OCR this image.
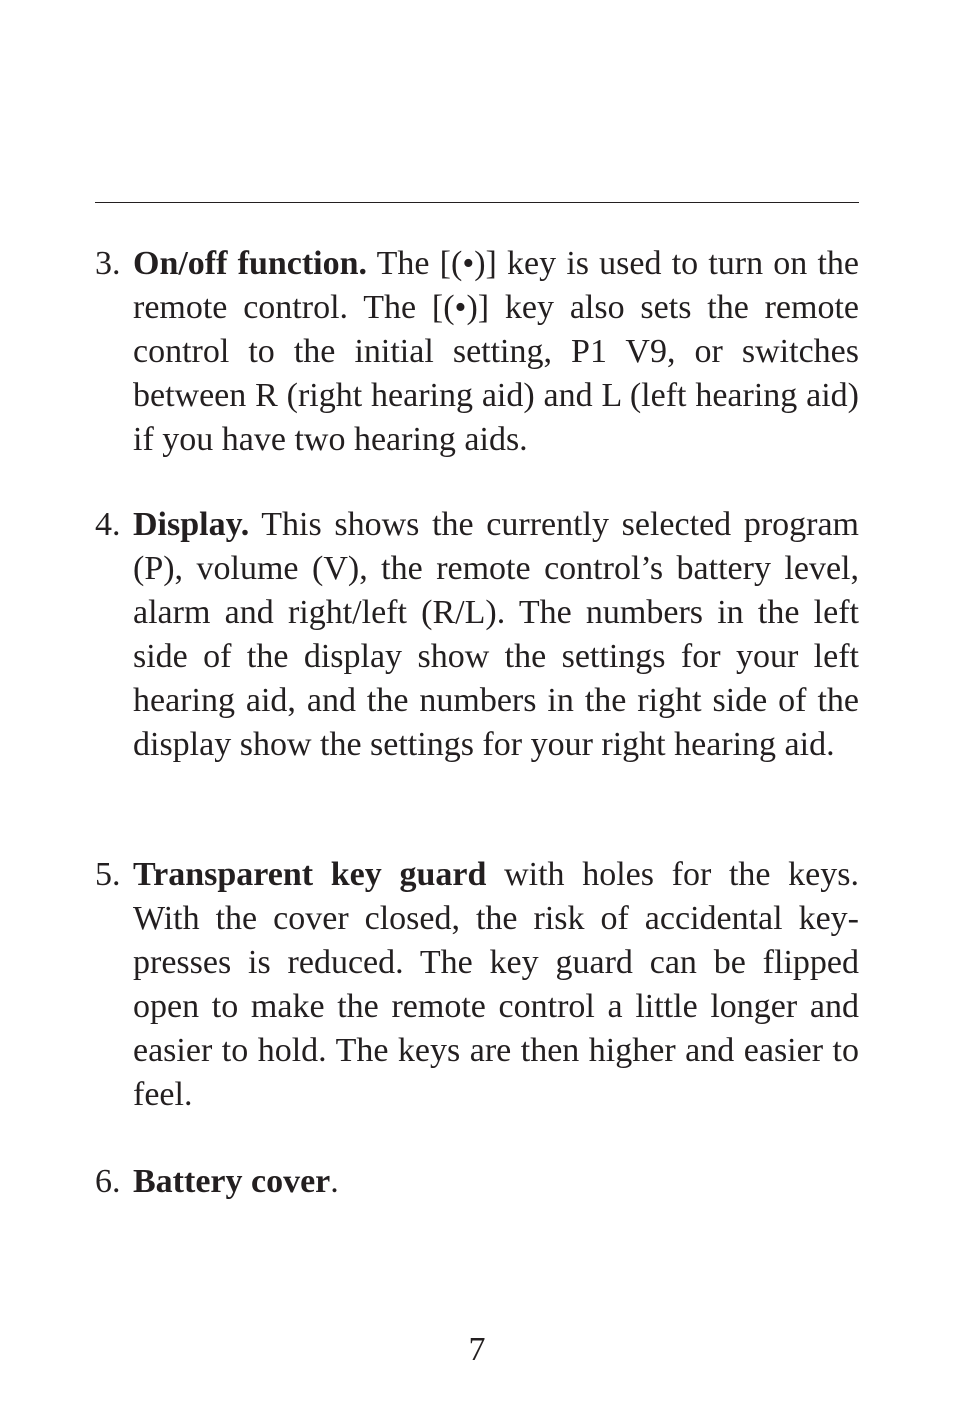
3. On/off function. The [(•)] key is used to turn on the remote control. The [(•)] key also sets the remote control to the initial setting, P1 V9, or switches between R (right hearing aid) and L (left hearing aid) if you have two hearing aids.
4. Display. This shows the currently selected program (P), volume (V), the remote control’s battery level, alarm and right/left (R/L). The numbers in the left side of the display show the settings for your left hearing aid, and the numbers in the right side of the display show the settings for your right hearing aid.
5. Transparent key guard with holes for the keys. With the cover closed, the risk of accidental key-presses is reduced. The key guard can be flipped open to make the remote control a little longer and easier to hold. The keys are then higher and easier to feel.
6. Battery cover.
7
